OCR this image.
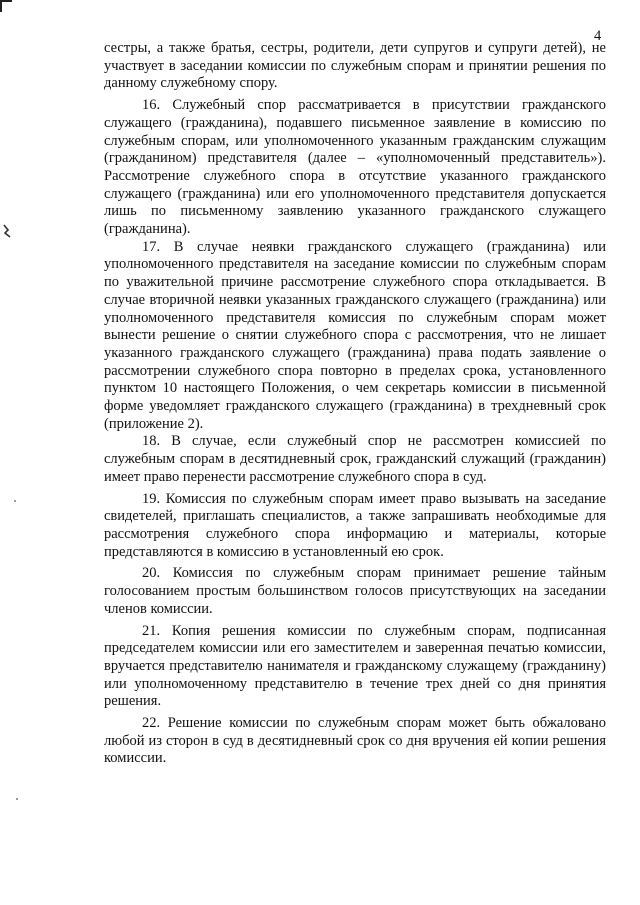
4

сестры, а также братья, сестры, родители, дети супругов и супруги детей), не участвует в заседании комиссии по служебным спорам и принятии решения по данному служебному спору.

16. Служебный спор рассматривается в присутствии гражданского служащего (гражданина), подавшего письменное заявление в комиссию по служебным спорам, или уполномоченного указанным гражданским служащим (гражданином) представителя (далее – «уполномоченный представитель»). Рассмотрение служебного спора в отсутствие указанного гражданского служащего (гражданина) или его уполномоченного представителя допускается лишь по письменному заявлению указанного гражданского служащего (гражданина).

17. В случае неявки гражданского служащего (гражданина) или уполномоченного представителя на заседание комиссии по служебным спорам по уважительной причине рассмотрение служебного спора откладывается. В случае вторичной неявки указанных гражданского служащего (гражданина) или уполномоченного представителя комиссия по служебным спорам может вынести решение о снятии служебного спора с рассмотрения, что не лишает указанного гражданского служащего (гражданина) права подать заявление о рассмотрении служебного спора повторно в пределах срока, установленного пунктом 10 настоящего Положения, о чем секретарь комиссии в письменной форме уведомляет гражданского служащего (гражданина) в трехдневный срок (приложение 2).

18. В случае, если служебный спор не рассмотрен комиссией по служебным спорам в десятидневный срок, гражданский служащий (гражданин) имеет право перенести рассмотрение служебного спора в суд.

19. Комиссия по служебным спорам имеет право вызывать на заседание свидетелей, приглашать специалистов, а также запрашивать необходимые для рассмотрения служебного спора информацию и материалы, которые представляются в комиссию в установленный ею срок.

20. Комиссия по служебным спорам принимает решение тайным голосованием простым большинством голосов присутствующих на заседании членов комиссии.

21. Копия решения комиссии по служебным спорам, подписанная председателем комиссии или его заместителем и заверенная печатью комиссии, вручается представителю нанимателя и гражданскому служащему (гражданину) или уполномоченному представителю в течение трех дней со дня принятия решения.

22. Решение комиссии по служебным спорам может быть обжаловано любой из сторон в суд в десятидневный срок со дня вручения ей копии решения комиссии.
